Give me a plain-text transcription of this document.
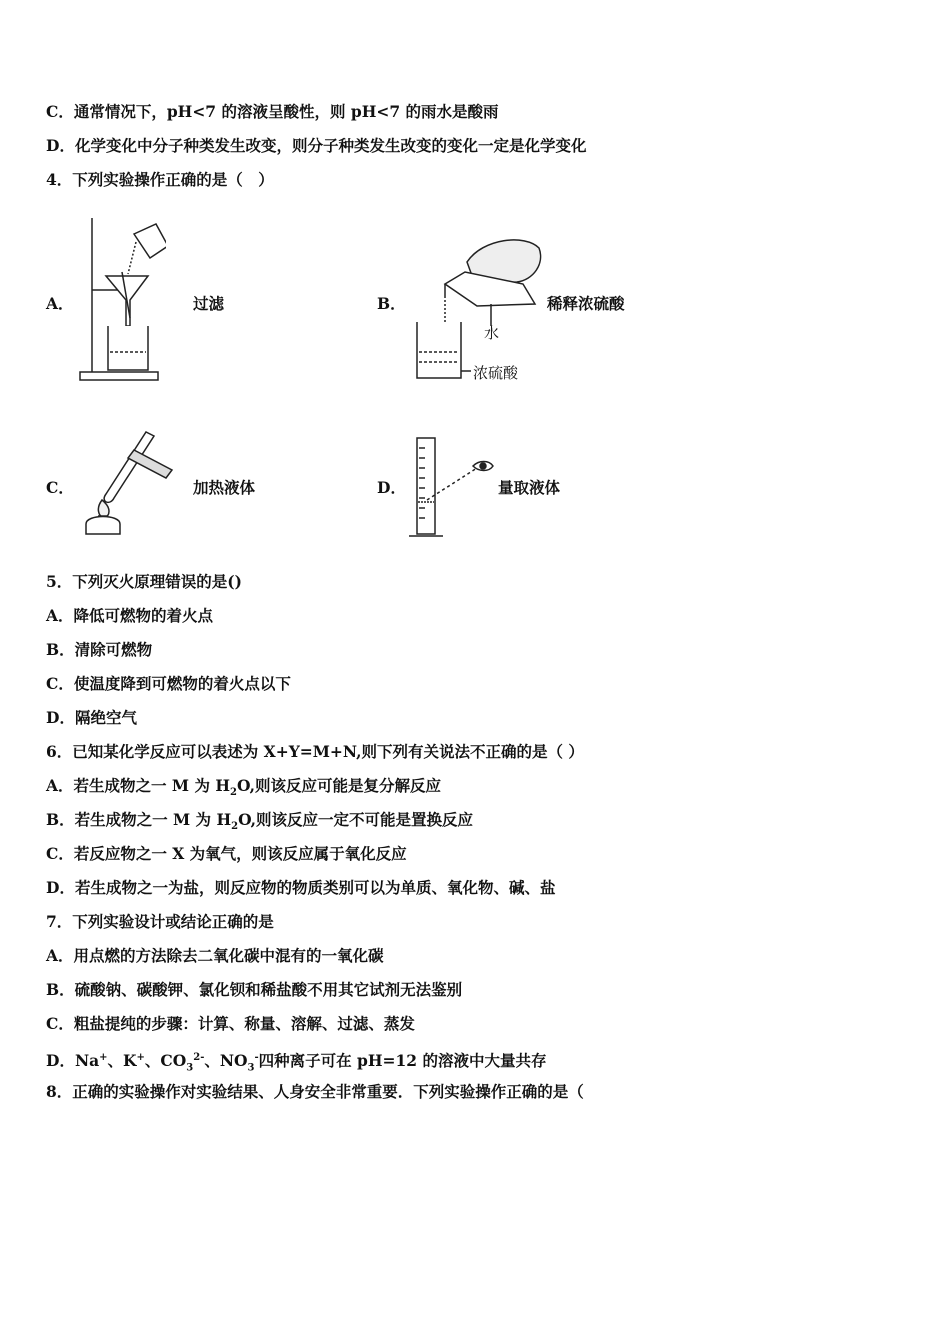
C．通常情况下，pH<7 的溶液呈酸性，则 pH<7 的雨水是酸雨
D．化学变化中分子种类发生改变，则分子种类发生改变的变化一定是化学变化
4．下列实验操作正确的是（　）
A．	过滤	B．
水
浓硫酸
稀释浓硫酸
C．	加热液体	D．	量取液体
5．下列灭火原理错误的是()
A．降低可燃物的着火点
B．清除可燃物
C．使温度降到可燃物的着火点以下
D．隔绝空气
6．已知某化学反应可以表述为 X+Y=M+N,则下列有关说法不正确的是（ ）
A．若生成物之一 M 为 $H_2O$,则该反应可能是复分解反应
B．若生成物之一 M 为 $H_2O$,则该反应一定不可能是置换反应
C．若反应物之一 X 为氧气，则该反应属于氧化反应
D．若生成物之一为盐，则反应物的物质类别可以为单质、氧化物、碱、盐
7．下列实验设计或结论正确的是
A．用点燃的方法除去二氧化碳中混有的一氧化碳
B．硫酸钠、碳酸钾、氯化钡和稀盐酸不用其它试剂无法鉴别
C．粗盐提纯的步骤：计算、称量、溶解、过滤、蒸发
D．Na+、K+、$CO_3^{2-}$、$NO_3^-$四种离子可在 pH=12 的溶液中大量共存
8．正确的实验操作对实验结果、人身安全非常重要．下列实验操作正确的是（
